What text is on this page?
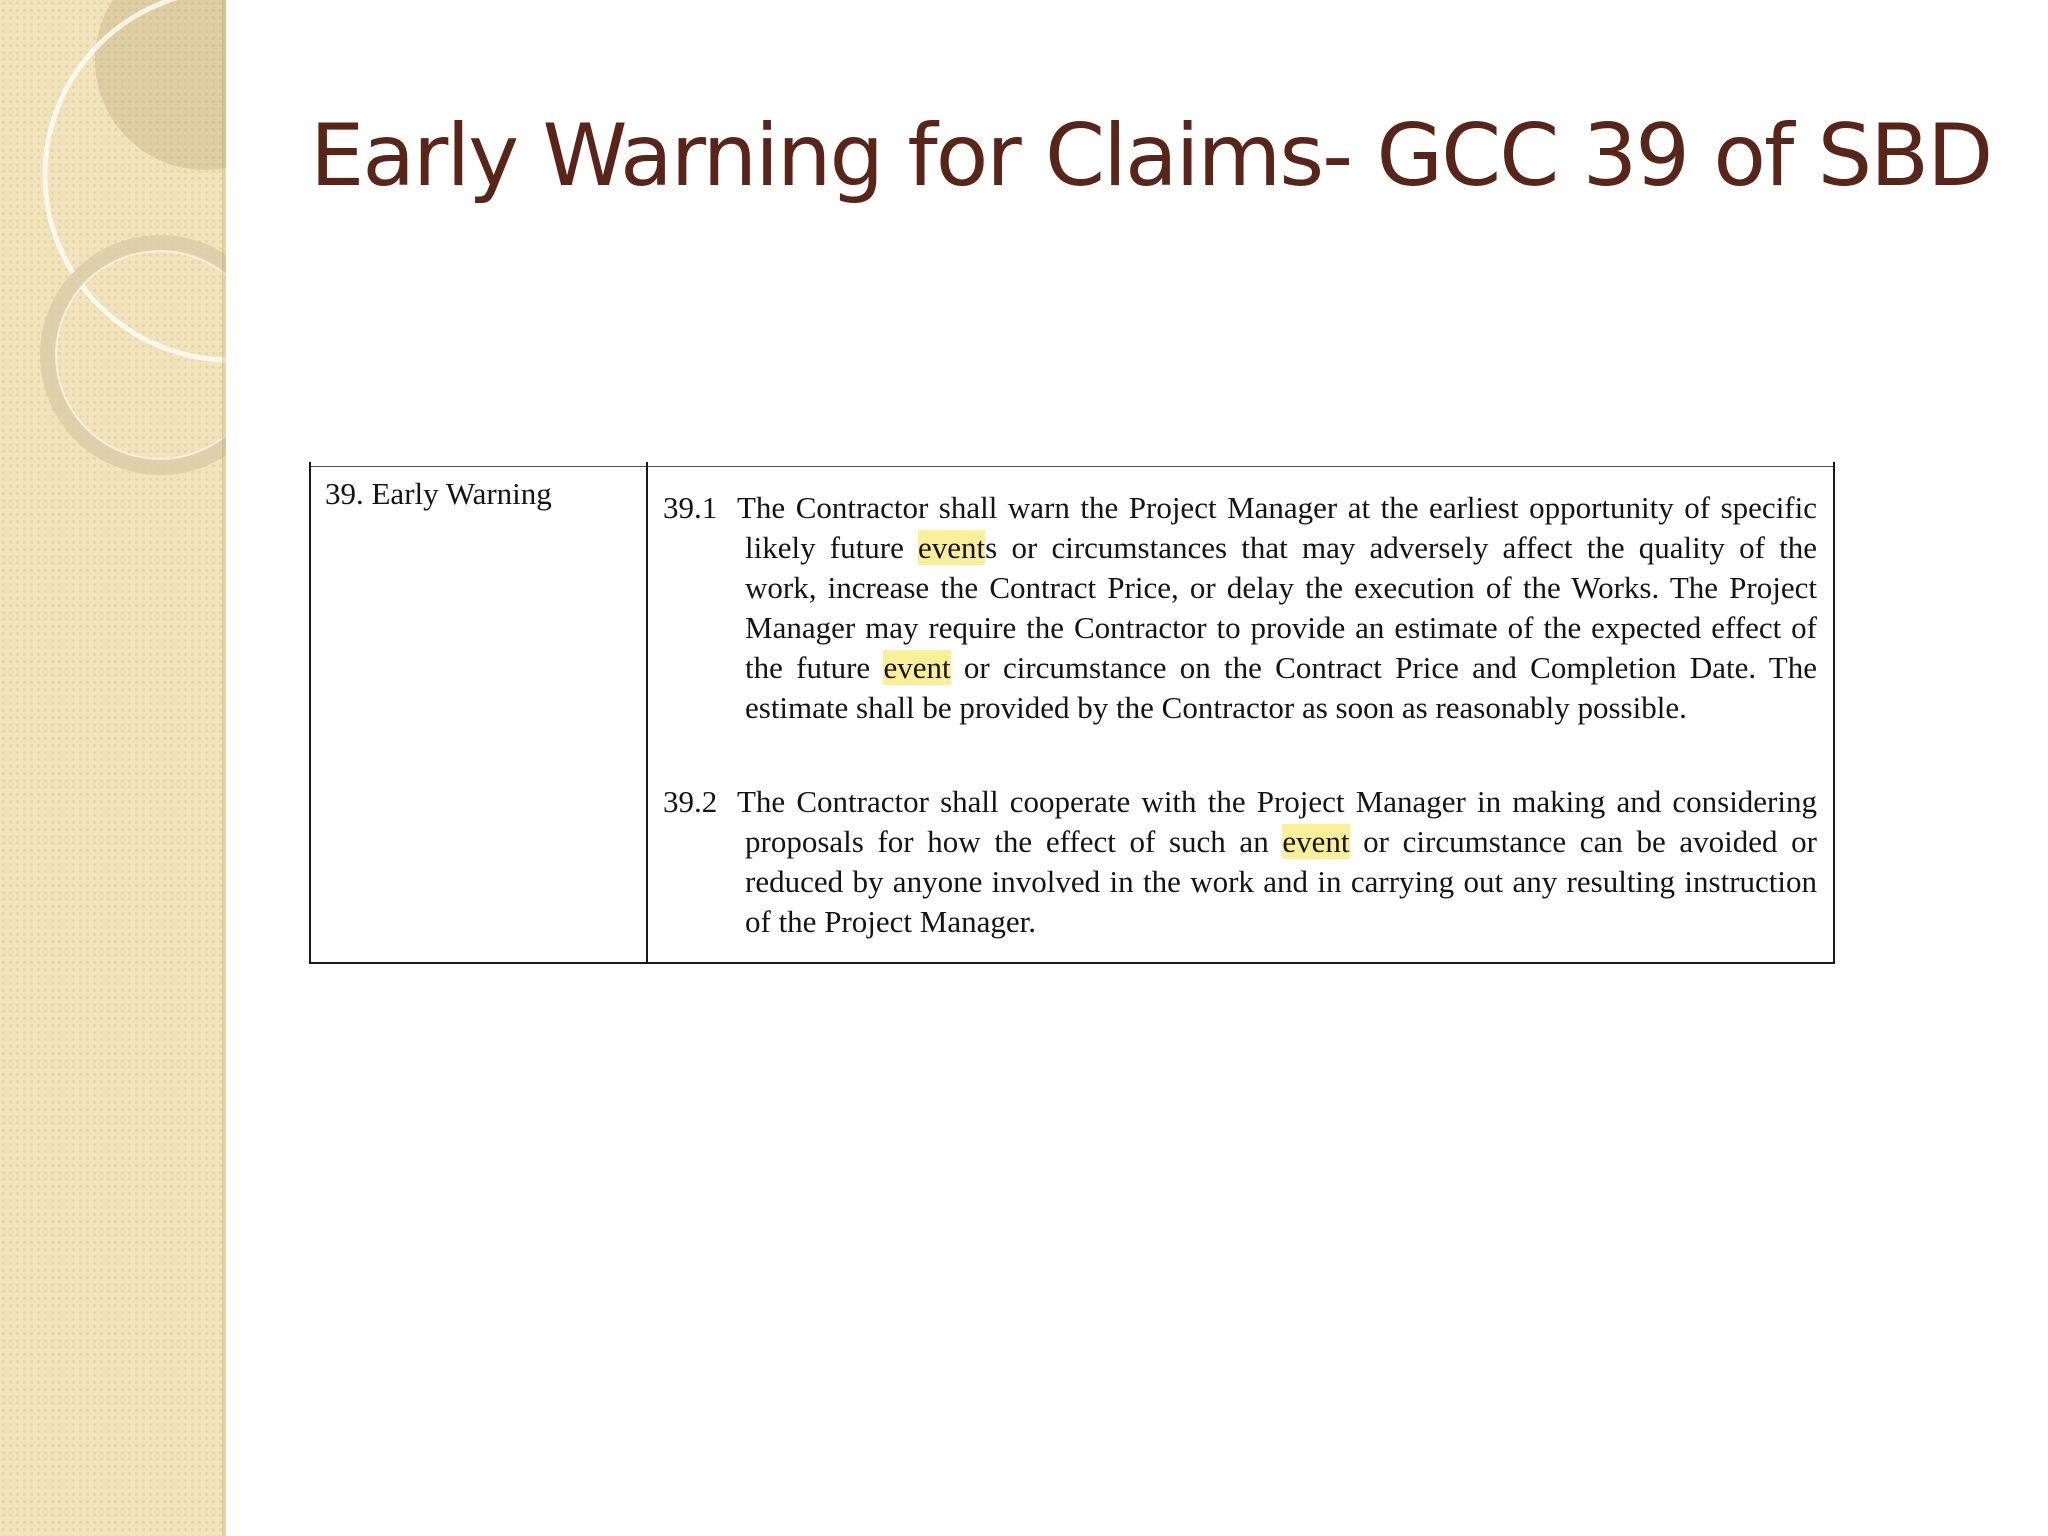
Early Warning for Claims- GCC 39 of SBD
39. Early Warning	39.1 The Contractor shall warn the Project Manager at the earliest opportunity of specific likely future events or circumstances that may adversely affect the quality of the work, increase the Contract Price, or delay the execution of the Works. The Project Manager may require the Contractor to provide an estimate of the expected effect of the future event or circumstance on the Contract Price and Completion Date. The estimate shall be provided by the Contractor as soon as reasonably possible.

39.2 The Contractor shall cooperate with the Project Manager in making and considering proposals for how the effect of such an event or circumstance can be avoided or reduced by anyone involved in the work and in carrying out any resulting instruction of the Project Manager.
